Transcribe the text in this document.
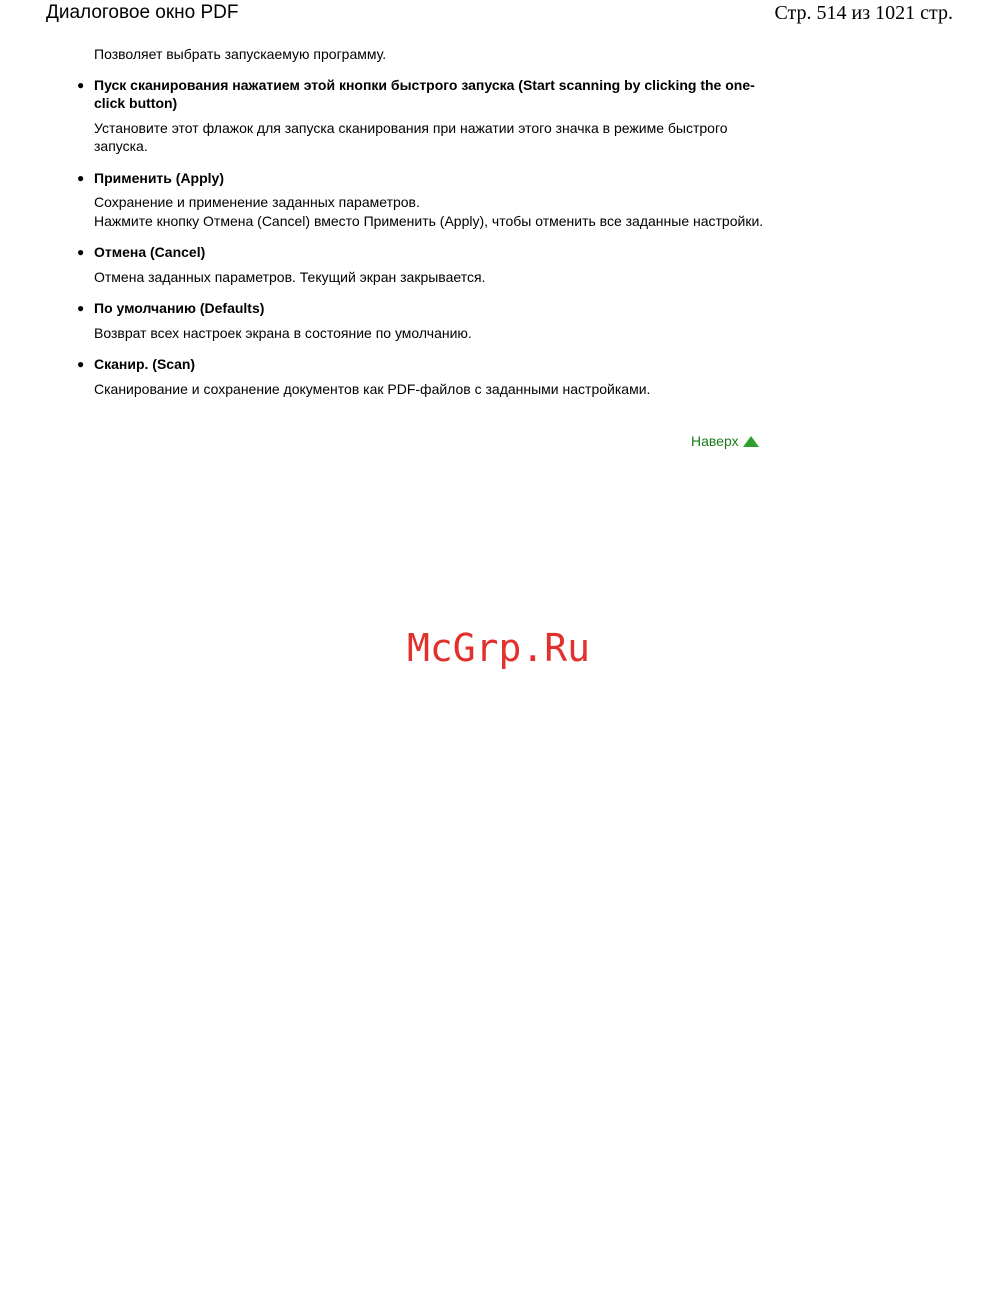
Диалоговое окно PDF	Стр. 514 из 1021 стр.

Позволяет выбрать запускаемую программу.

● Пуск сканирования нажатием этой кнопки быстрого запуска (Start scanning by clicking the one-click button)

Установите этот флажок для запуска сканирования при нажатии этого значка в режиме быстрого запуска.

● Применить (Apply)

Сохранение и применение заданных параметров.
Нажмите кнопку Отмена (Cancel) вместо Применить (Apply), чтобы отменить все заданные настройки.

● Отмена (Cancel)

Отмена заданных параметров. Текущий экран закрывается.

● По умолчанию (Defaults)

Возврат всех настроек экрана в состояние по умолчанию.

● Сканир. (Scan)

Сканирование и сохранение документов как PDF-файлов с заданными настройками.

Наверх
McGrp.Ru
